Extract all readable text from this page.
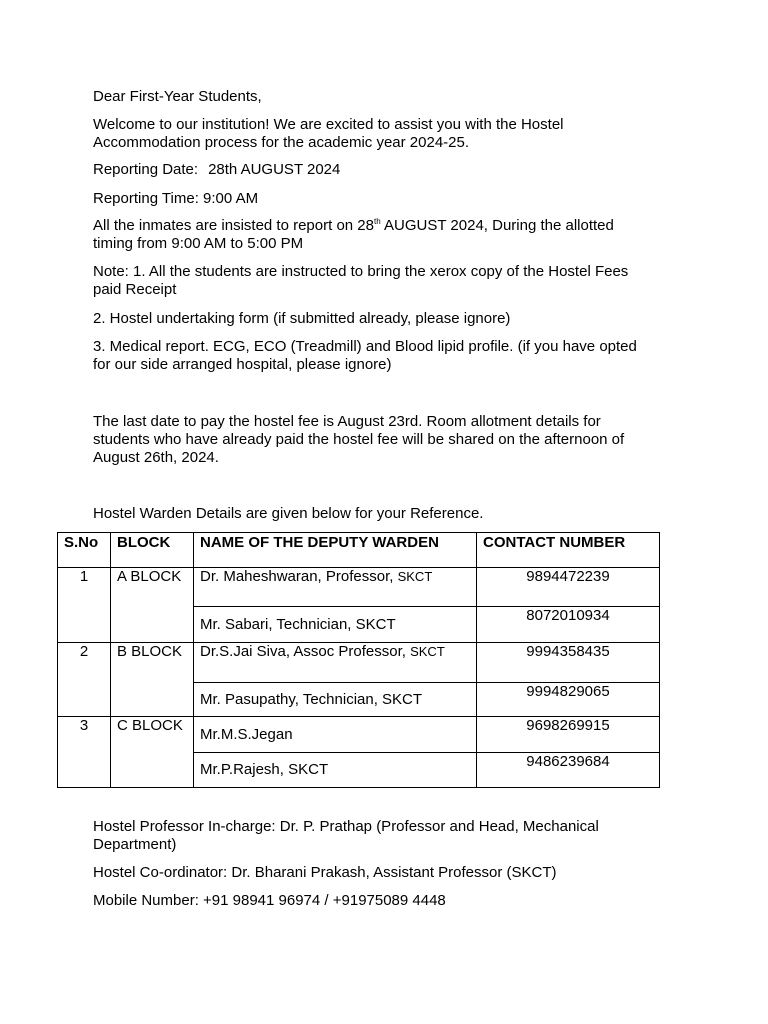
Dear First-Year Students,

Welcome to our institution! We are excited to assist you with the Hostel Accommodation process for the academic year 2024-25.

Reporting Date: 28th AUGUST 2024

Reporting Time: 9:00 AM

All the inmates are insisted to report on 28th AUGUST 2024, During the allotted timing from 9:00 AM to 5:00 PM

Note: 1. All the students are instructed to bring the xerox copy of the Hostel Fees paid Receipt

2. Hostel undertaking form (if submitted already, please ignore)

3. Medical report. ECG, ECO (Treadmill) and Blood lipid profile. (if you have opted for our side arranged hospital, please ignore)

The last date to pay the hostel fee is August 23rd. Room allotment details for students who have already paid the hostel fee will be shared on the afternoon of August 26th, 2024.

Hostel Warden Details are given below for your Reference.

S.No	BLOCK	NAME OF THE DEPUTY WARDEN	CONTACT NUMBER
1	A BLOCK	Dr. Maheshwaran, Professor, SKCT	9894472239
		Mr. Sabari, Technician, SKCT	8072010934
2	B BLOCK	Dr.S.Jai Siva, Assoc Professor, SKCT	9994358435
		Mr. Pasupathy, Technician, SKCT	9994829065
3	C BLOCK	Mr.M.S.Jegan	9698269915
		Mr.P.Rajesh, SKCT	9486239684

Hostel Professor In-charge: Dr. P. Prathap (Professor and Head, Mechanical Department)

Hostel Co-ordinator: Dr. Bharani Prakash, Assistant Professor (SKCT)

Mobile Number: +91 98941 96974 / +91975089 4448
